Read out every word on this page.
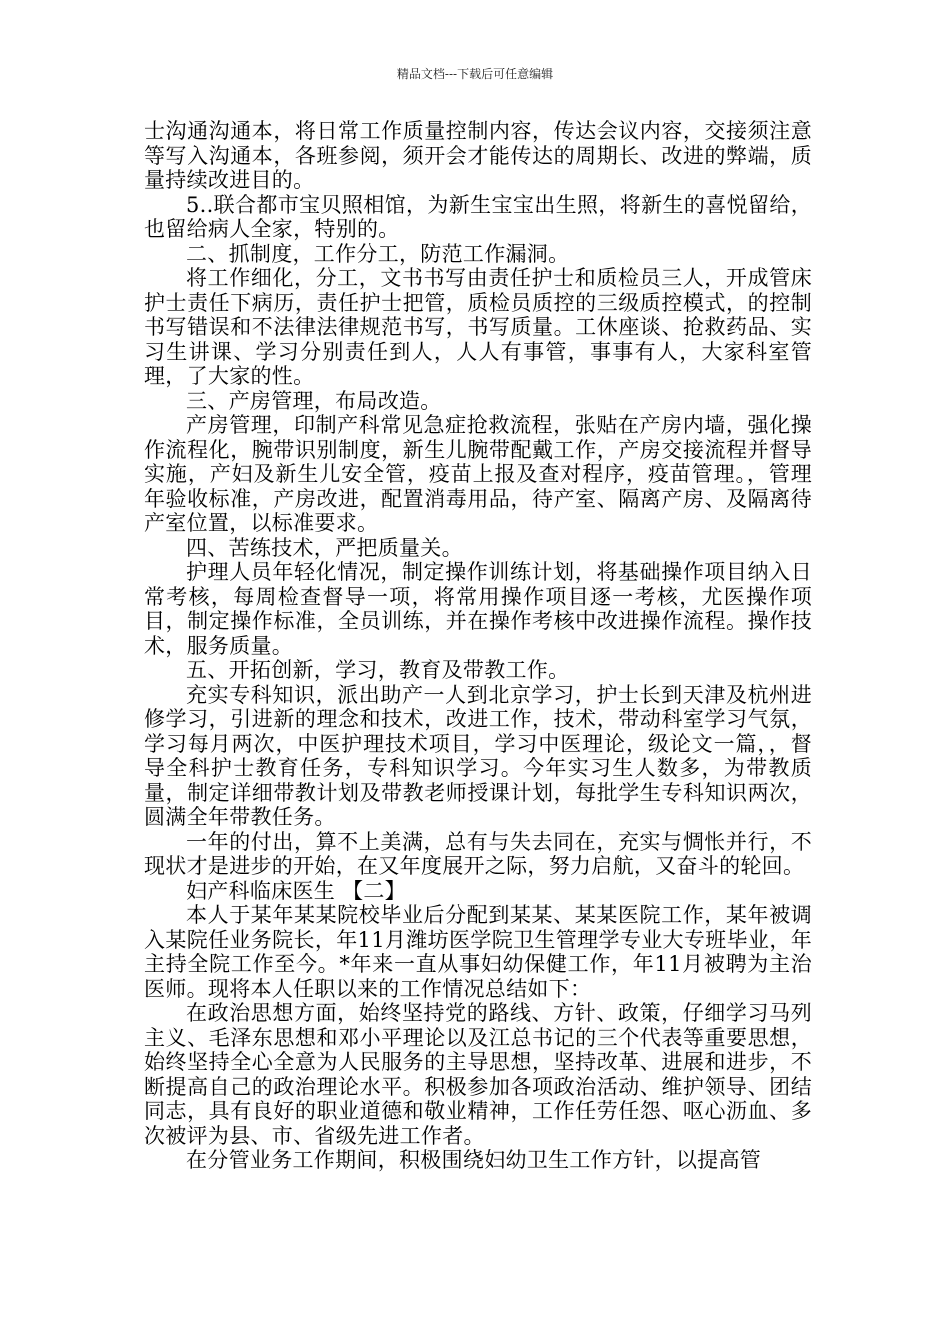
精品文档---下载后可任意编辑

士沟通沟通本，将日常工作质量控制内容，传达会议内容，交接须注意等写入沟通本，各班参阅，须开会才能传达的周期长、改进的弊端，质量持续改进目的。

5..联合都市宝贝照相馆，为新生宝宝出生照，将新生的喜悦留给，也留给病人全家，特别的。

二、抓制度，工作分工，防范工作漏洞。

将工作细化，分工，文书书写由责任护士和质检员三人，开成管床护士责任下病历，责任护士把管，质检员质控的三级质控模式，的控制书写错误和不法律法律规范书写，书写质量。工休座谈、抢救药品、实习生讲课、学习分别责任到人，人人有事管，事事有人，大家科室管理，了大家的性。

三、产房管理，布局改造。

产房管理，印制产科常见急症抢救流程，张贴在产房内墙，强化操作流程化，腕带识别制度，新生儿腕带配戴工作，产房交接流程并督导实施，产妇及新生儿安全管，疫苗上报及查对程序，疫苗管理。，管理年验收标准，产房改进，配置消毒用品，待产室、隔离产房、及隔离待产室位置，以标准要求。

四、苦练技术，严把质量关。

护理人员年轻化情况，制定操作训练计划，将基础操作项目纳入日常考核，每周检查督导一项，将常用操作项目逐一考核，尤医操作项目，制定操作标准，全员训练，并在操作考核中改进操作流程。操作技术，服务质量。

五、开拓创新，学习，教育及带教工作。

充实专科知识，派出助产一人到北京学习，护士长到天津及杭州进修学习，引进新的理念和技术，改进工作，技术，带动科室学习气氛，学习每月两次，中医护理技术项目，学习中医理论，级论文一篇，，督导全科护士教育任务，专科知识学习。今年实习生人数多，为带教质量，制定详细带教计划及带教老师授课计划，每批学生专科知识两次，圆满全年带教任务。

一年的付出，算不上美满，总有与失去同在，充实与惆怅并行，不现状才是进步的开始，在又年度展开之际，努力启航，又奋斗的轮回。

妇产科临床医生 【二】

本人于某年某某院校毕业后分配到某某、某某医院工作，某年被调入某院任业务院长，年11月潍坊医学院卫生管理学专业大专班毕业，年主持全院工作至今。*年来一直从事妇幼保健工作，年11月被聘为主治医师。现将本人任职以来的工作情况总结如下：

在政治思想方面，始终坚持党的路线、方针、政策，仔细学习马列主义、毛泽东思想和邓小平理论以及江总书记的三个代表等重要思想，始终坚持全心全意为人民服务的主导思想，坚持改革、进展和进步，不断提高自己的政治理论水平。积极参加各项政治活动、维护领导、团结同志，具有良好的职业道德和敬业精神，工作任劳任怨、呕心沥血、多次被评为县、市、省级先进工作者。

在分管业务工作期间，积极围绕妇幼卫生工作方针，以提高管
